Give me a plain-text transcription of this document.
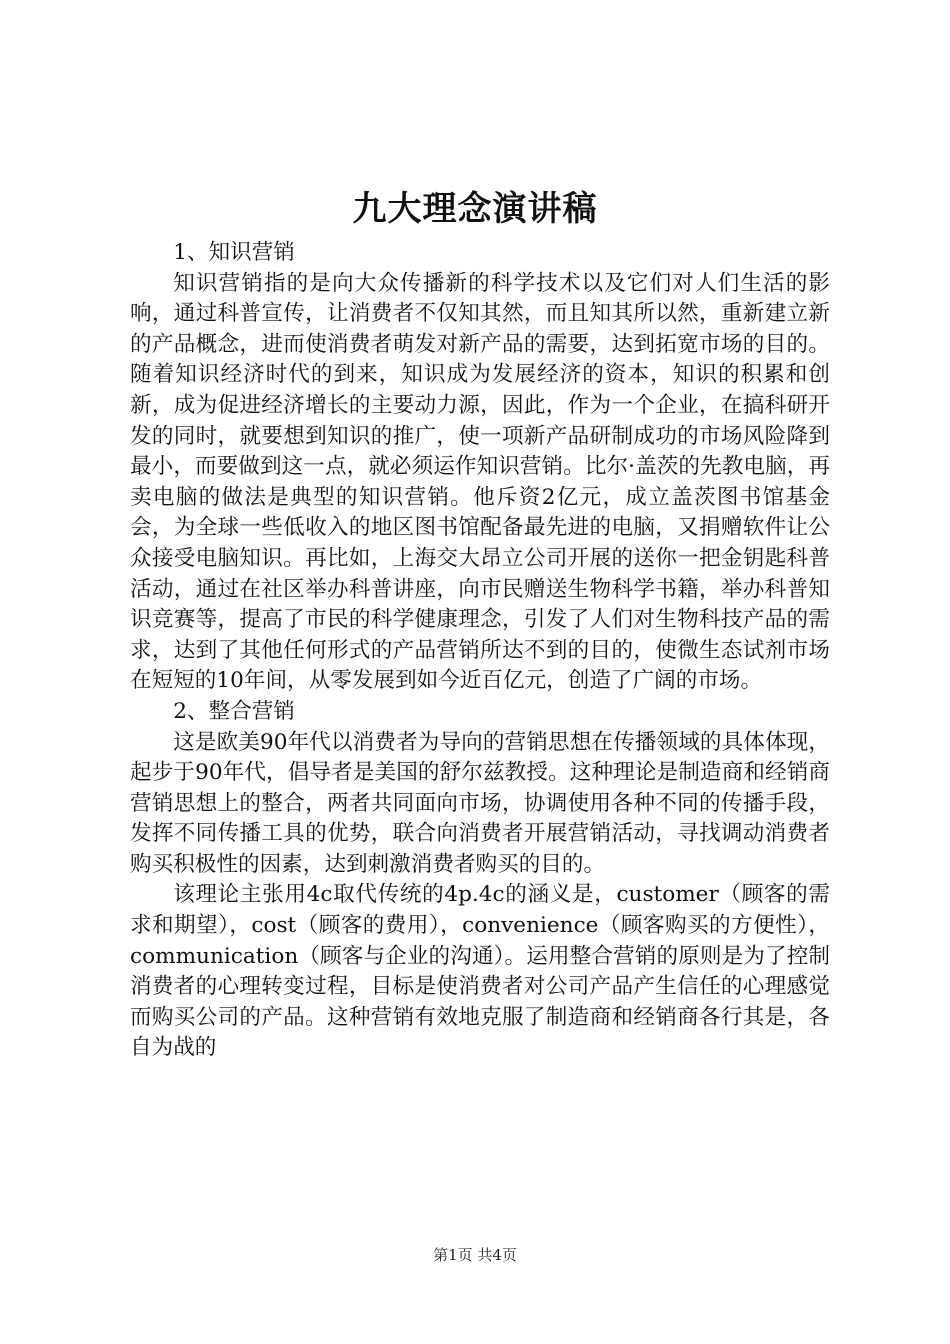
九大理念演讲稿

1、知识营销

知识营销指的是向大众传播新的科学技术以及它们对人们生活的影响，通过科普宣传，让消费者不仅知其然，而且知其所以然，重新建立新的产品概念，进而使消费者萌发对新产品的需要，达到拓宽市场的目的。随着知识经济时代的到来，知识成为发展经济的资本，知识的积累和创新，成为促进经济增长的主要动力源，因此，作为一个企业，在搞科研开发的同时，就要想到知识的推广，使一项新产品研制成功的市场风险降到最小，而要做到这一点，就必须运作知识营销。比尔·盖茨的先教电脑，再卖电脑的做法是典型的知识营销。他斥资2亿元，成立盖茨图书馆基金会，为全球一些低收入的地区图书馆配备最先进的电脑，又捐赠软件让公众接受电脑知识。再比如，上海交大昂立公司开展的送你一把金钥匙科普活动，通过在社区举办科普讲座，向市民赠送生物科学书籍，举办科普知识竞赛等，提高了市民的科学健康理念，引发了人们对生物科技产品的需求，达到了其他任何形式的产品营销所达不到的目的，使微生态试剂市场在短短的10年间，从零发展到如今近百亿元，创造了广阔的市场。

2、整合营销

这是欧美90年代以消费者为导向的营销思想在传播领域的具体体现，起步于90年代，倡导者是美国的舒尔兹教授。这种理论是制造商和经销商营销思想上的整合，两者共同面向市场，协调使用各种不同的传播手段，发挥不同传播工具的优势，联合向消费者开展营销活动，寻找调动消费者购买积极性的因素，达到刺激消费者购买的目的。

该理论主张用4c取代传统的4p.4c的涵义是，customer（顾客的需求和期望），cost（顾客的费用），convenience（顾客购买的方便性），communication（顾客与企业的沟通）。运用整合营销的原则是为了控制消费者的心理转变过程，目标是使消费者对公司产品产生信任的心理感觉而购买公司的产品。这种营销有效地克服了制造商和经销商各行其是，各自为战的

第1页 共4页
